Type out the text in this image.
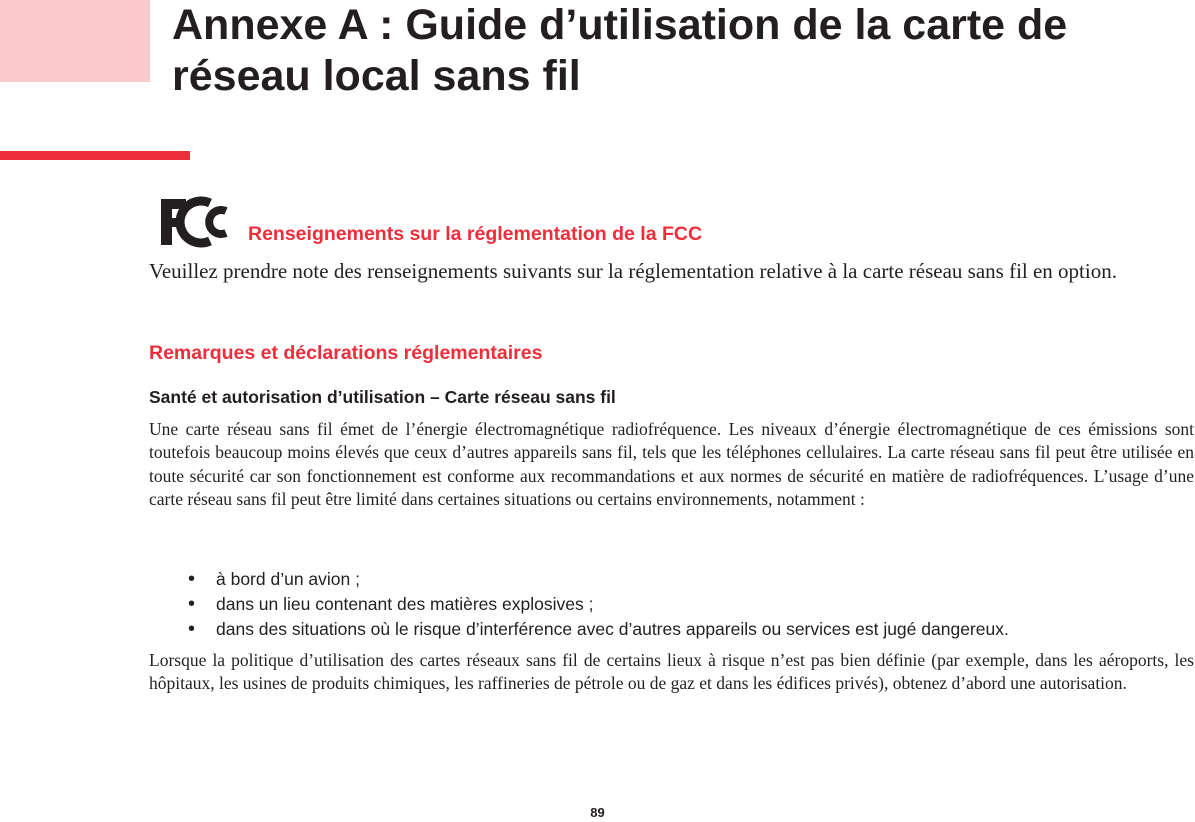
Annexe A : Guide d’utilisation de la carte de
réseau local sans fil
Renseignements sur la réglementation de la FCC

Veuillez prendre note des renseignements suivants sur la réglementation relative à la carte réseau sans fil en option.

Remarques et déclarations réglementaires
Santé et autorisation d’utilisation – Carte réseau sans fil

Une carte réseau sans fil émet de l’énergie électromagnétique radiofréquence. Les niveaux d’énergie électromagnétique de ces émissions sont toutefois beaucoup moins élevés que ceux d’autres appareils sans fil, tels que les téléphones cellulaires. La carte réseau sans fil peut être utilisée en toute sécurité car son fonctionnement est conforme aux recommandations et aux normes de sécurité en matière de radiofréquences. L’usage d’une carte réseau sans fil peut être limité dans certaines situations ou certains environnements, notamment :

• à bord d’un avion ;
• dans un lieu contenant des matières explosives ;
• dans des situations où le risque d’interférence avec d’autres appareils ou services est jugé dangereux.

Lorsque la politique d’utilisation des cartes réseaux sans fil de certains lieux à risque n’est pas bien définie (par exemple, dans les aéroports, les hôpitaux, les usines de produits chimiques, les raffineries de pétrole ou de gaz et dans les édifices privés), obtenez d’abord une autorisation.

89
